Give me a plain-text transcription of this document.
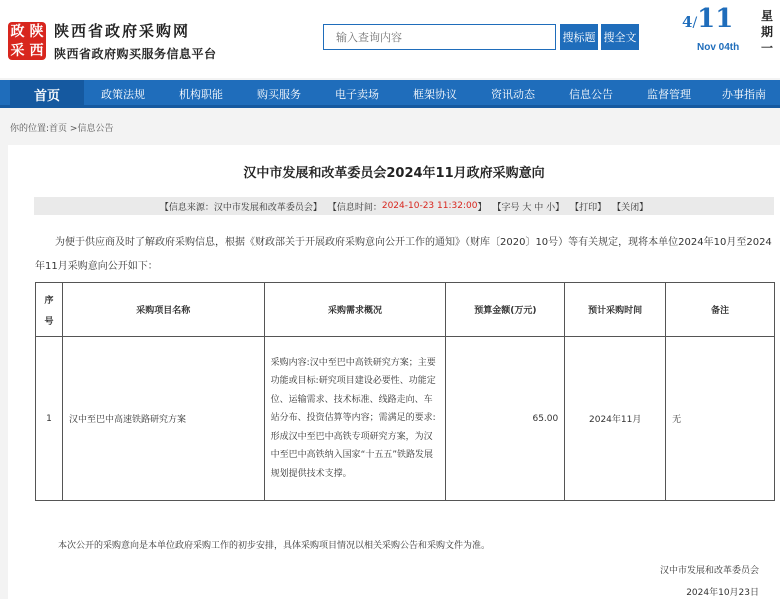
政 陕
采 西
陕西省政府采购网
陕西省政府购买服务信息平台
输入查询内容
搜标题 搜全文
4/11
Nov 04th
星
期
一
首页	政策法规	机构职能	购买服务	电子卖场	框架协议	资讯动态	信息公告	监督管理	办事指南
你的位置:首页 >信息公告
汉中市发展和改革委员会2024年11月政府采购意向
【信息来源：汉中市发展和改革委员会】 【信息时间： 2024-10-23 11:32:00 】 【字号
大
中
小 】 【打印】 【关闭】
为便于供应商及时了解政府采购信息，根据《财政部关于开展政府采购意向公开工作的通知》（财库〔2020〕10号）等有关规定，现将本单位2024年10月至2024年11月采购意向公开如下：
序
号	采购项目名称	采购需求概况	预算金额(万元)	预计采购时间	备注
1	汉中至巴中高速铁路研究方案	采购内容:汉中至巴中高铁研究方案；主要功能或目标:研究项目建设必要性、功能定位、运输需求、技术标准、线路走向、车站分布、投资估算等内容；需满足的要求:形成汉中至巴中高铁专项研究方案，为汉中至巴中高铁纳入国家“十五五”铁路发展规划提供技术支撑。	65.00	2024年11月	无
本次公开的采购意向是本单位政府采购工作的初步安排，具体采购项目情况以相关采购公告和采购文件为准。
汉中市发展和改革委员会
2024年10月23日
